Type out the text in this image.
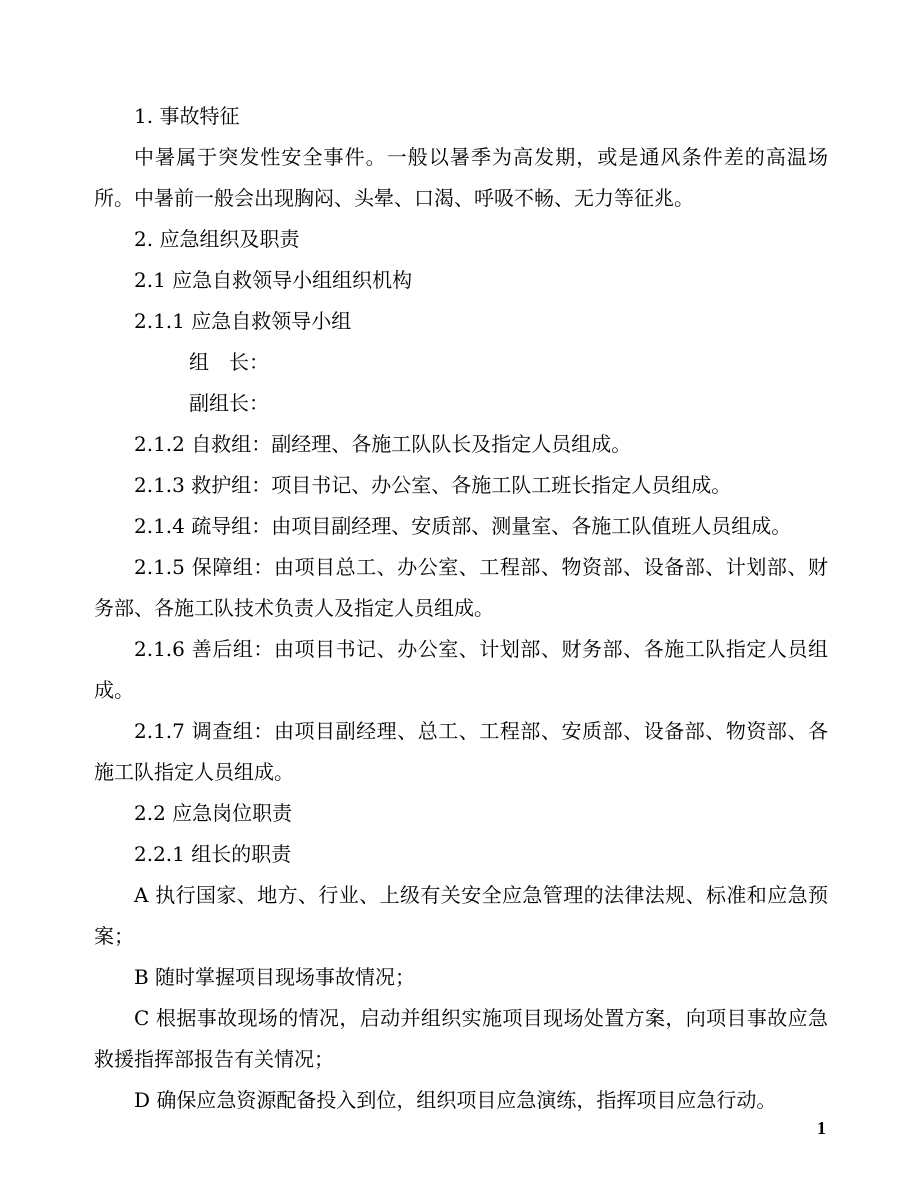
1. 事故特征

中暑属于突发性安全事件。一般以暑季为高发期，或是通风条件差的高温场所。中暑前一般会出现胸闷、头晕、口渴、呼吸不畅、无力等征兆。

2. 应急组织及职责

2.1 应急自救领导小组组织机构

2.1.1 应急自救领导小组

组　长：

副组长：

2.1.2 自救组：副经理、各施工队队长及指定人员组成。

2.1.3 救护组：项目书记、办公室、各施工队工班长指定人员组成。

2.1.4 疏导组：由项目副经理、安质部、测量室、各施工队值班人员组成。

2.1.5 保障组：由项目总工、办公室、工程部、物资部、设备部、计划部、财务部、各施工队技术负责人及指定人员组成。

2.1.6 善后组：由项目书记、办公室、计划部、财务部、各施工队指定人员组成。

2.1.7 调查组：由项目副经理、总工、工程部、安质部、设备部、物资部、各施工队指定人员组成。

2.2 应急岗位职责

2.2.1 组长的职责

A 执行国家、地方、行业、上级有关安全应急管理的法律法规、标准和应急预案；

B 随时掌握项目现场事故情况；

C 根据事故现场的情况，启动并组织实施项目现场处置方案，向项目事故应急救援指挥部报告有关情况；

D 确保应急资源配备投入到位，组织项目应急演练，指挥项目应急行动。

1
